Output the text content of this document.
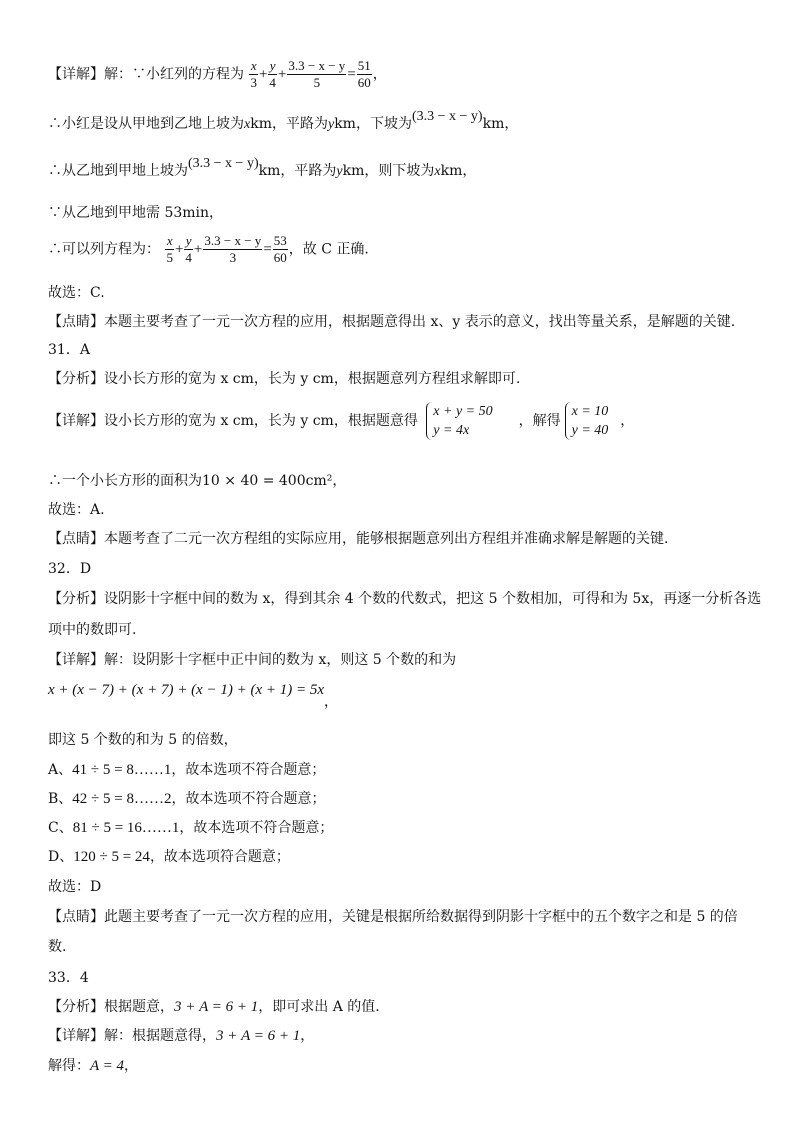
【详解】解：∵小红列的方程为 $\frac{x}{3} + \frac{y}{4} + \frac{3.3 - x - y}{5} = \frac{51}{60}$ ，
∴小红是设从甲地到乙地上坡为xkm，平路为ykm，下坡为(3.3 − x − y)km，
∴从乙地到甲地上坡为(3.3 − x − y)km，平路为ykm，则下坡为xkm，
∵从乙地到甲地需 53min，
∴可以列方程为： $\frac{x}{5} + \frac{y}{4} + \frac{3.3 - x - y}{3} = \frac{53}{60}$ ，故 C 正确.
故选：C.
【点睛】本题主要考查了一元一次方程的应用，根据题意得出 x、y 表示的意义，找出等量关系，是解题的关键.
31．A
【分析】设小长方形的宽为 x cm，长为 y cm，根据题意列方程组求解即可.
【详解】设小长方形的宽为 x cm，长为 y cm，根据题意得
x + y = 50
y = 4x
，解得
x = 10
y = 40
，
∴一个小长方形的面积为10 × 40 = 400cm²，
故选：A.
【点睛】本题考查了二元一次方程组的实际应用，能够根据题意列出方程组并准确求解是解题的关键.
32．D
【分析】设阴影十字框中间的数为 x，得到其余 4 个数的代数式，把这 5 个数相加，可得和为 5x，再逐一分析各选
项中的数即可.
【详解】解：设阴影十字框中正中间的数为 x，则这 5 个数的和为
x + (x − 7) + (x + 7) + (x − 1) + (x + 1) = 5x，
即这 5 个数的和为 5 的倍数，
A、41 ÷ 5 = 8……1，故本选项不符合题意；
B、42 ÷ 5 = 8……2，故本选项不符合题意；
C、81 ÷ 5 = 16……1，故本选项不符合题意；
D、120 ÷ 5 = 24，故本选项符合题意；
故选：D
【点睛】此题主要考查了一元一次方程的应用，关键是根据所给数据得到阴影十字框中的五个数字之和是 5 的倍
数.
33．4
【分析】根据题意，3 + A = 6 + 1，即可求出 A 的值.
【详解】解：根据题意得，3 + A = 6 + 1，
解得：A = 4，
